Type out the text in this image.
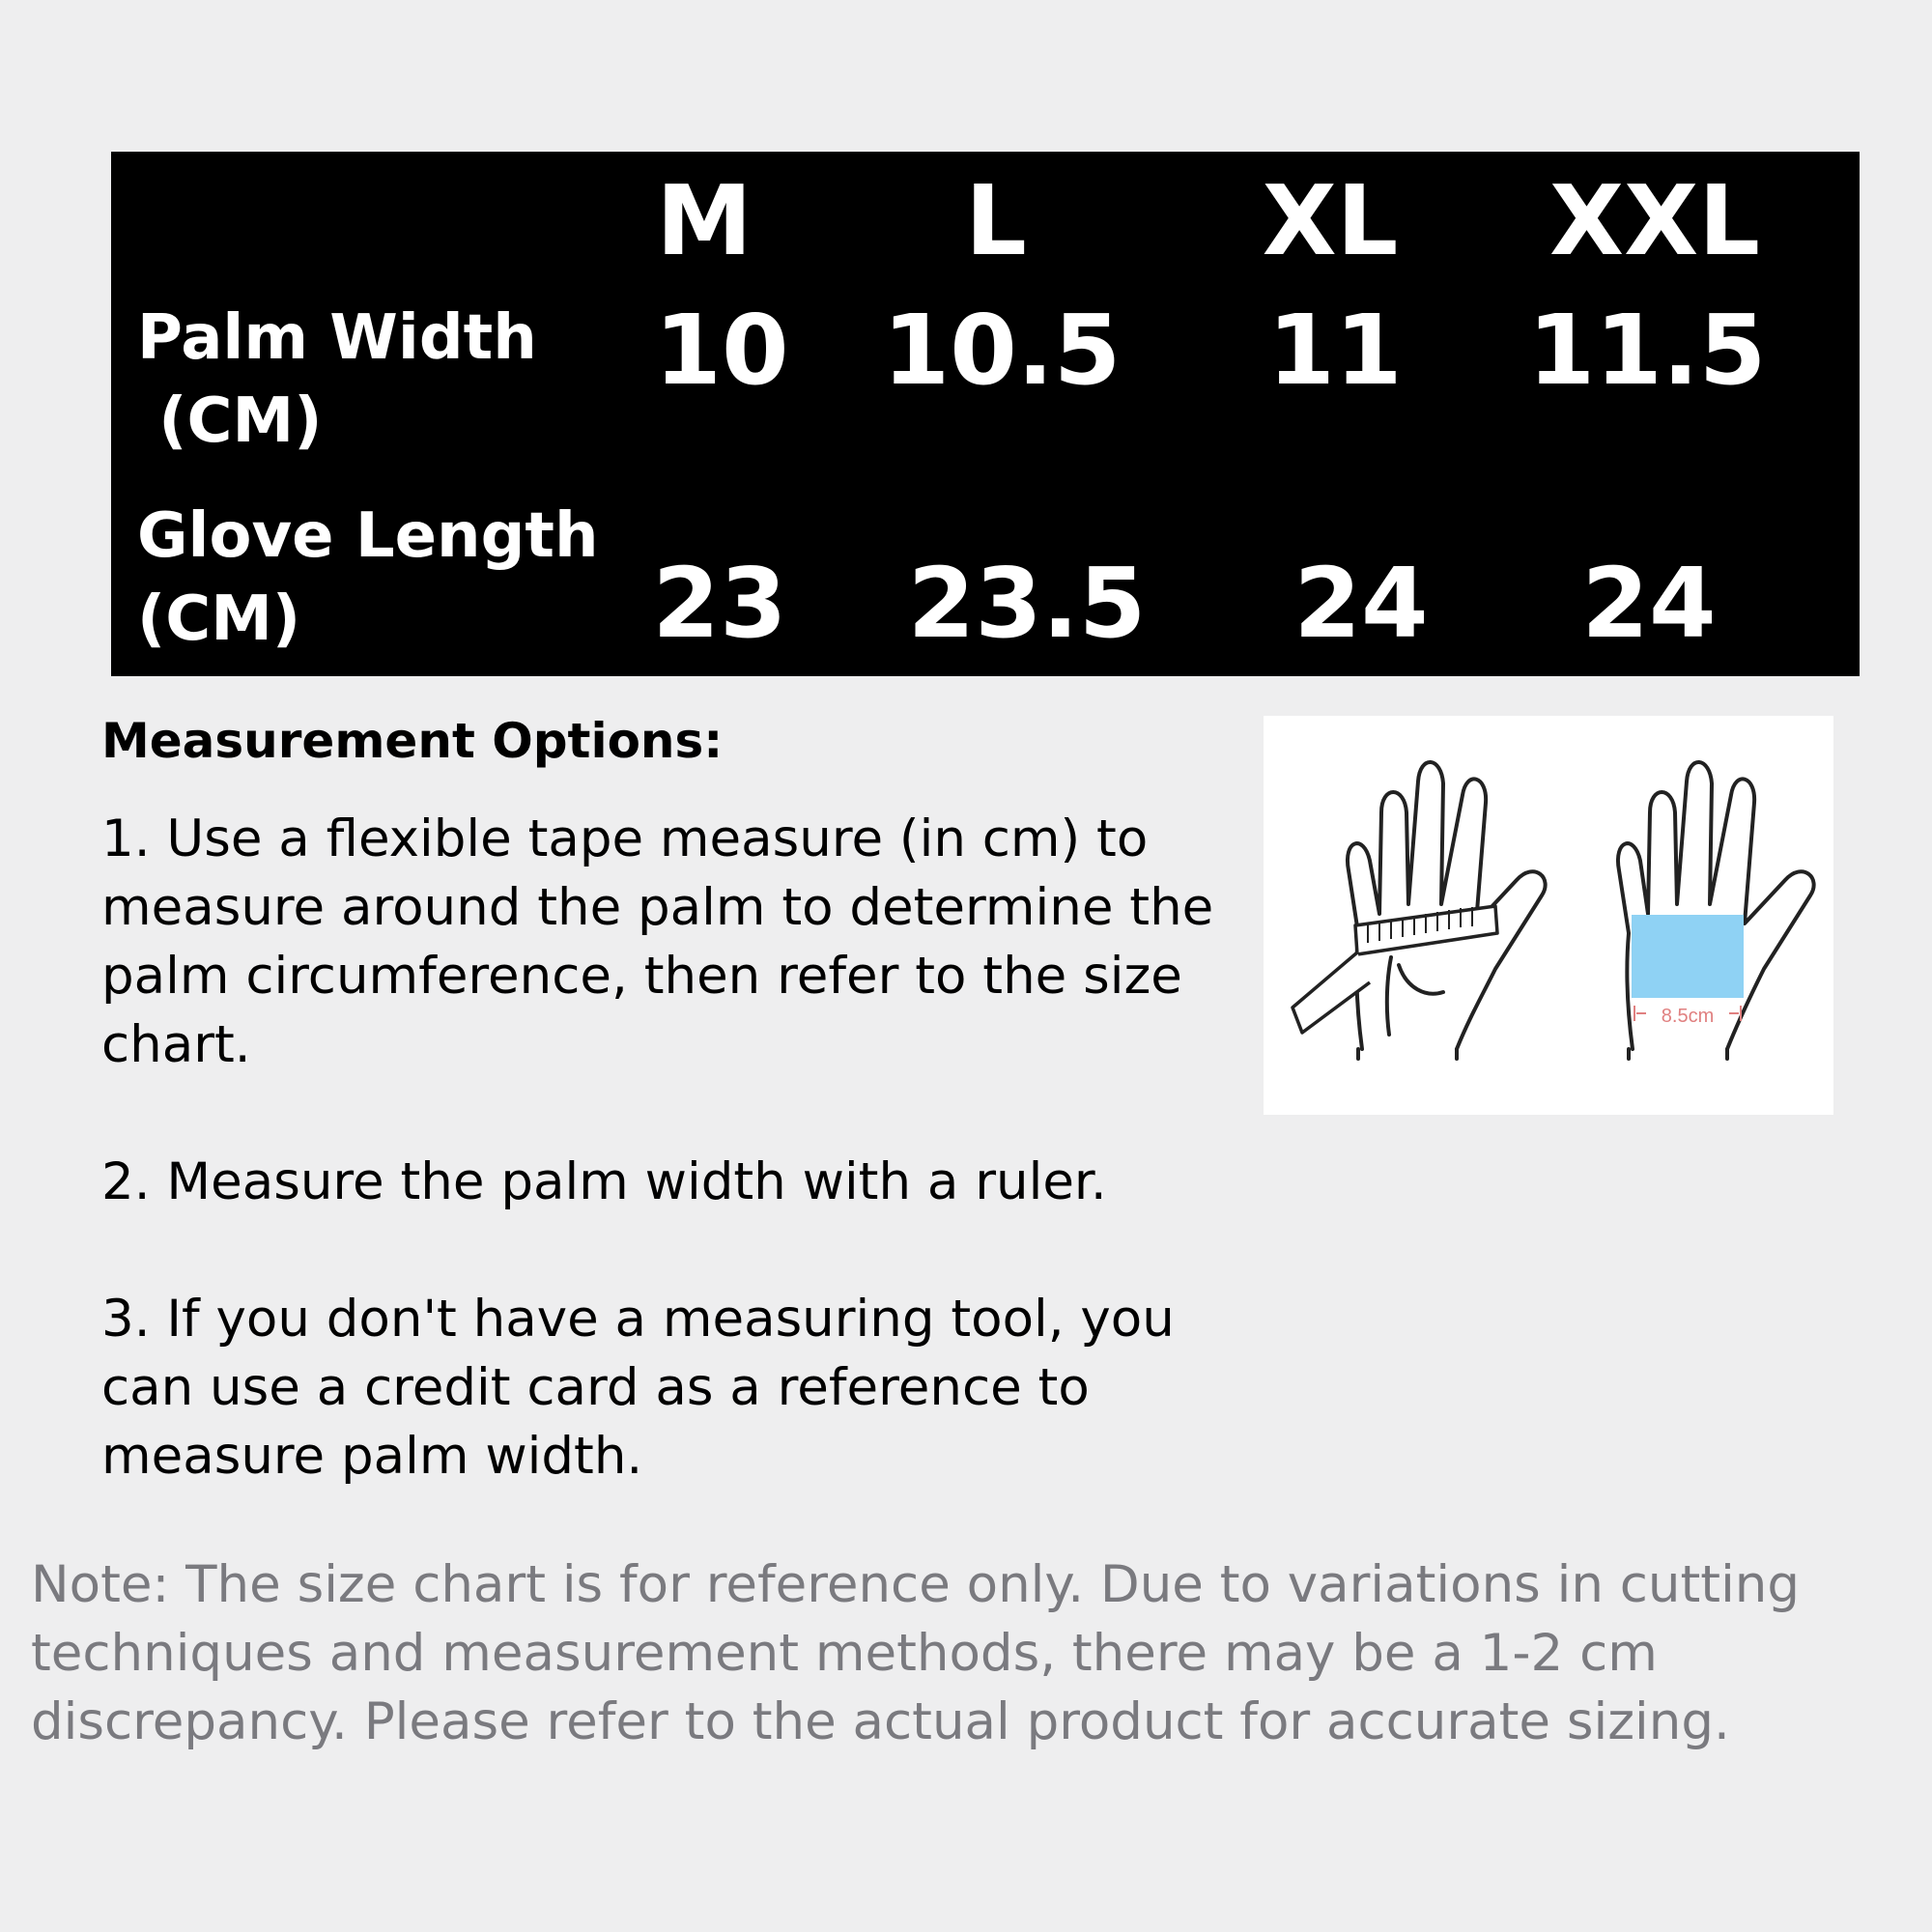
M L XL XXL
Palm Width
(CM)
10 10.5 11 11.5
Glove Length
(CM)	23 23.5 24 24
Measurement Options:
1. Use a flexible tape measure (in cm) to measure around the palm to determine the palm circumference, then refer to the size chart.
2. Measure the palm width with a ruler.
3. If you don't have a measuring tool, you can use a credit card as a reference to measure palm width.
8.5cm
Note: The size chart is for reference only. Due to variations in cutting techniques and measurement methods, there may be a 1-2 cm discrepancy. Please refer to the actual product for accurate sizing.
